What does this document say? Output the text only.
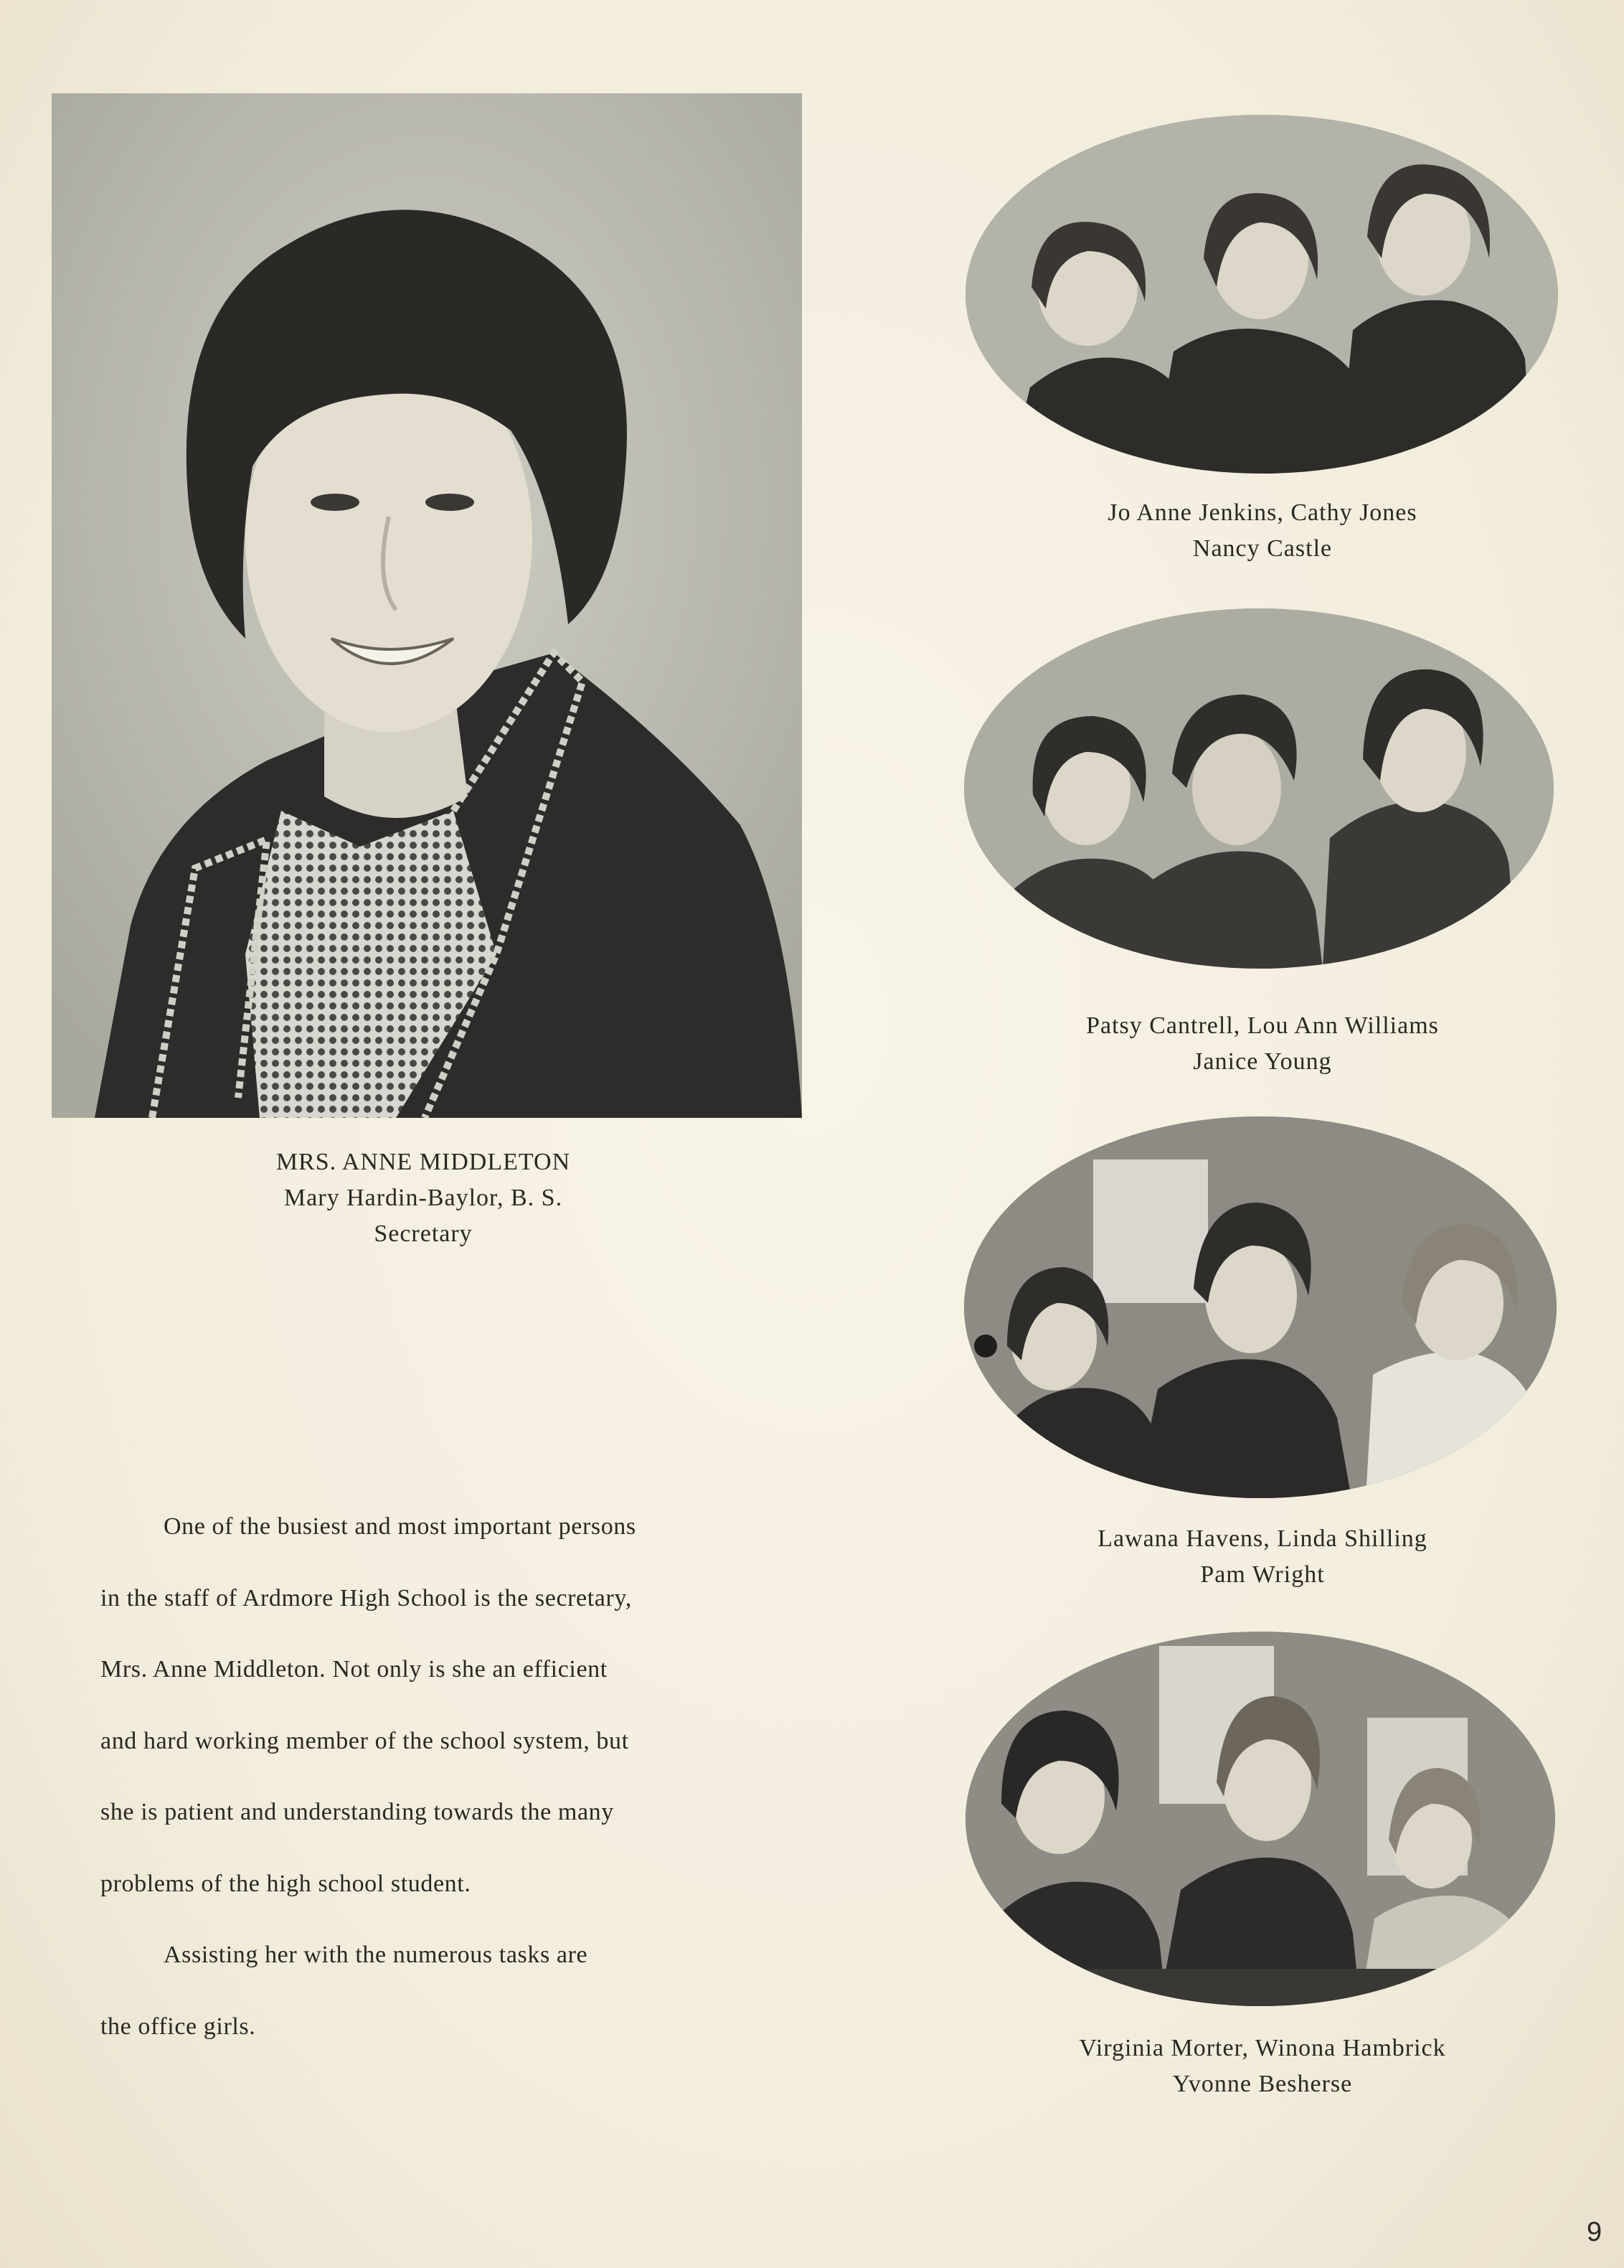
MRS. ANNE MIDDLETON
Mary Hardin-Baylor, B. S.
Secretary

One of the busiest and most important persons

in the staff of Ardmore High School is the secretary,

Mrs. Anne Middleton. Not only is she an efficient

and hard working member of the school system, but

she is patient and understanding towards the many

problems of the high school student.

Assisting her with the numerous tasks are

the office girls.

Jo Anne Jenkins, Cathy Jones
Nancy Castle
Patsy Cantrell, Lou Ann Williams
Janice Young
Lawana Havens, Linda Shilling
Pam Wright
Virginia Morter, Winona Hambrick
Yvonne Besherse
9
